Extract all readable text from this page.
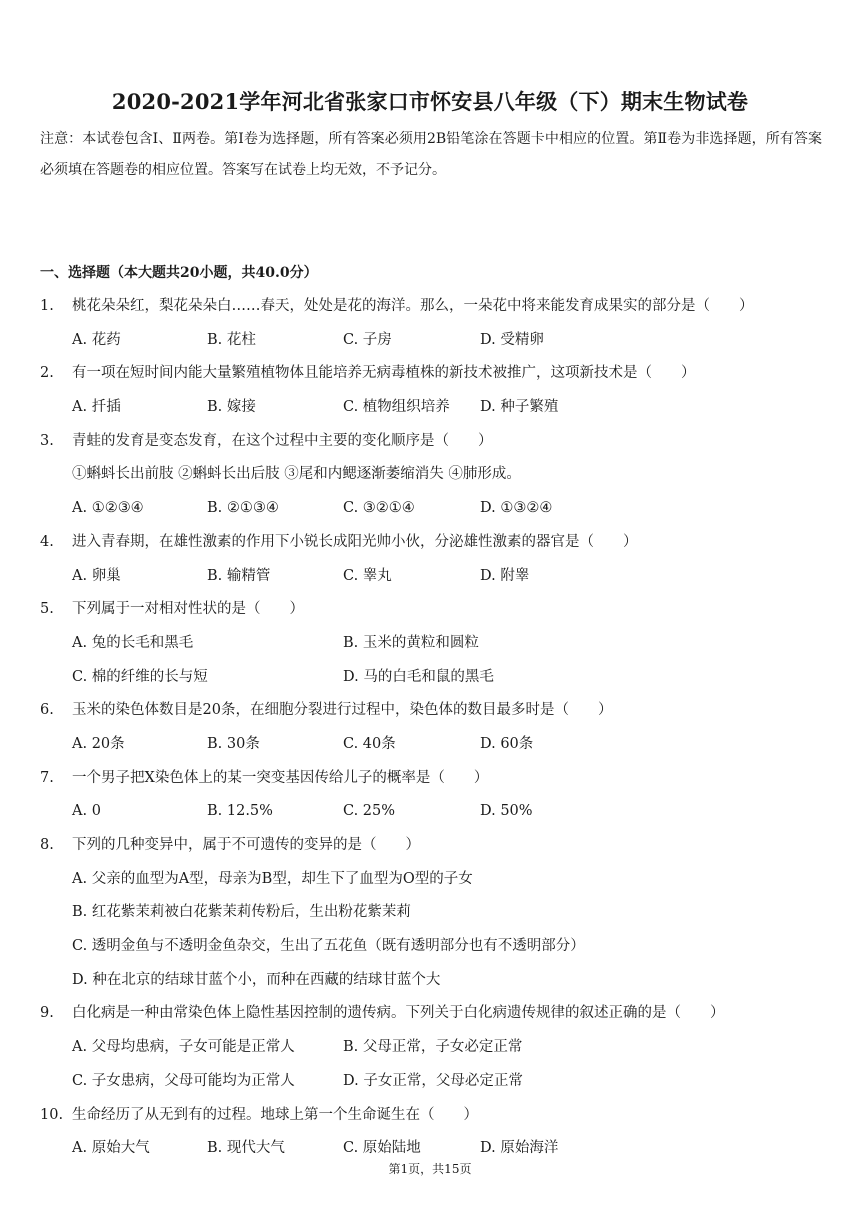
2020-2021学年河北省张家口市怀安县八年级（下）期末生物试卷
注意：本试卷包含Ⅰ、Ⅱ两卷。第Ⅰ卷为选择题，所有答案必须用2B铅笔涂在答题卡中相应的位置。第Ⅱ卷为非选择题，所有答案必须填在答题卷的相应位置。答案写在试卷上均无效，不予记分。
一、选择题（本大题共20小题，共40.0分）
1. 桃花朵朵红，梨花朵朵白……春天，处处是花的海洋。那么，一朵花中将来能发育成果实的部分是（　　）
A. 花药	B. 花柱	C. 子房	D. 受精卵
2. 有一项在短时间内能大量繁殖植物体且能培养无病毒植株的新技术被推广，这项新技术是（　　）
A. 扦插	B. 嫁接	C. 植物组织培养 D. 种子繁殖
3. 青蛙的发育是变态发育，在这个过程中主要的变化顺序是（　　）
①蝌蚪长出前肢 ②蝌蚪长出后肢 ③尾和内鳃逐渐萎缩消失 ④肺形成。
A. ①②③④	B. ②①③④	C. ③②①④	D. ①③②④
4. 进入青春期，在雄性激素的作用下小锐长成阳光帅小伙，分泌雄性激素的器官是（　　）
A. 卵巢	B. 输精管	C. 睾丸	D. 附睾
5. 下列属于一对相对性状的是（　　）
A. 兔的长毛和黑毛	B. 玉米的黄粒和圆粒
C. 棉的纤维的长与短	D. 马的白毛和鼠的黑毛
6. 玉米的染色体数目是20条，在细胞分裂进行过程中，染色体的数目最多时是（　　）
A. 20条	B. 30条	C. 40条	D. 60条
7. 一个男子把X染色体上的某一突变基因传给儿子的概率是（　　）
A. 0	B. 12.5%	C. 25%	D. 50%
8. 下列的几种变异中，属于不可遗传的变异的是（　　）
A. 父亲的血型为A型，母亲为B型，却生下了血型为O型的子女
B. 红花紫茉莉被白花紫茉莉传粉后，生出粉花紫茉莉
C. 透明金鱼与不透明金鱼杂交，生出了五花鱼（既有透明部分也有不透明部分）
D. 种在北京的结球甘蓝个小，而种在西藏的结球甘蓝个大
9. 白化病是一种由常染色体上隐性基因控制的遗传病。下列关于白化病遗传规律的叙述正确的是（　　）
A. 父母均患病，子女可能是正常人	B. 父母正常，子女必定正常
C. 子女患病，父母可能均为正常人	D. 子女正常，父母必定正常
10. 生命经历了从无到有的过程。地球上第一个生命诞生在（　　）
A. 原始大气	B. 现代大气	C. 原始陆地	D. 原始海洋
第1页，共15页
